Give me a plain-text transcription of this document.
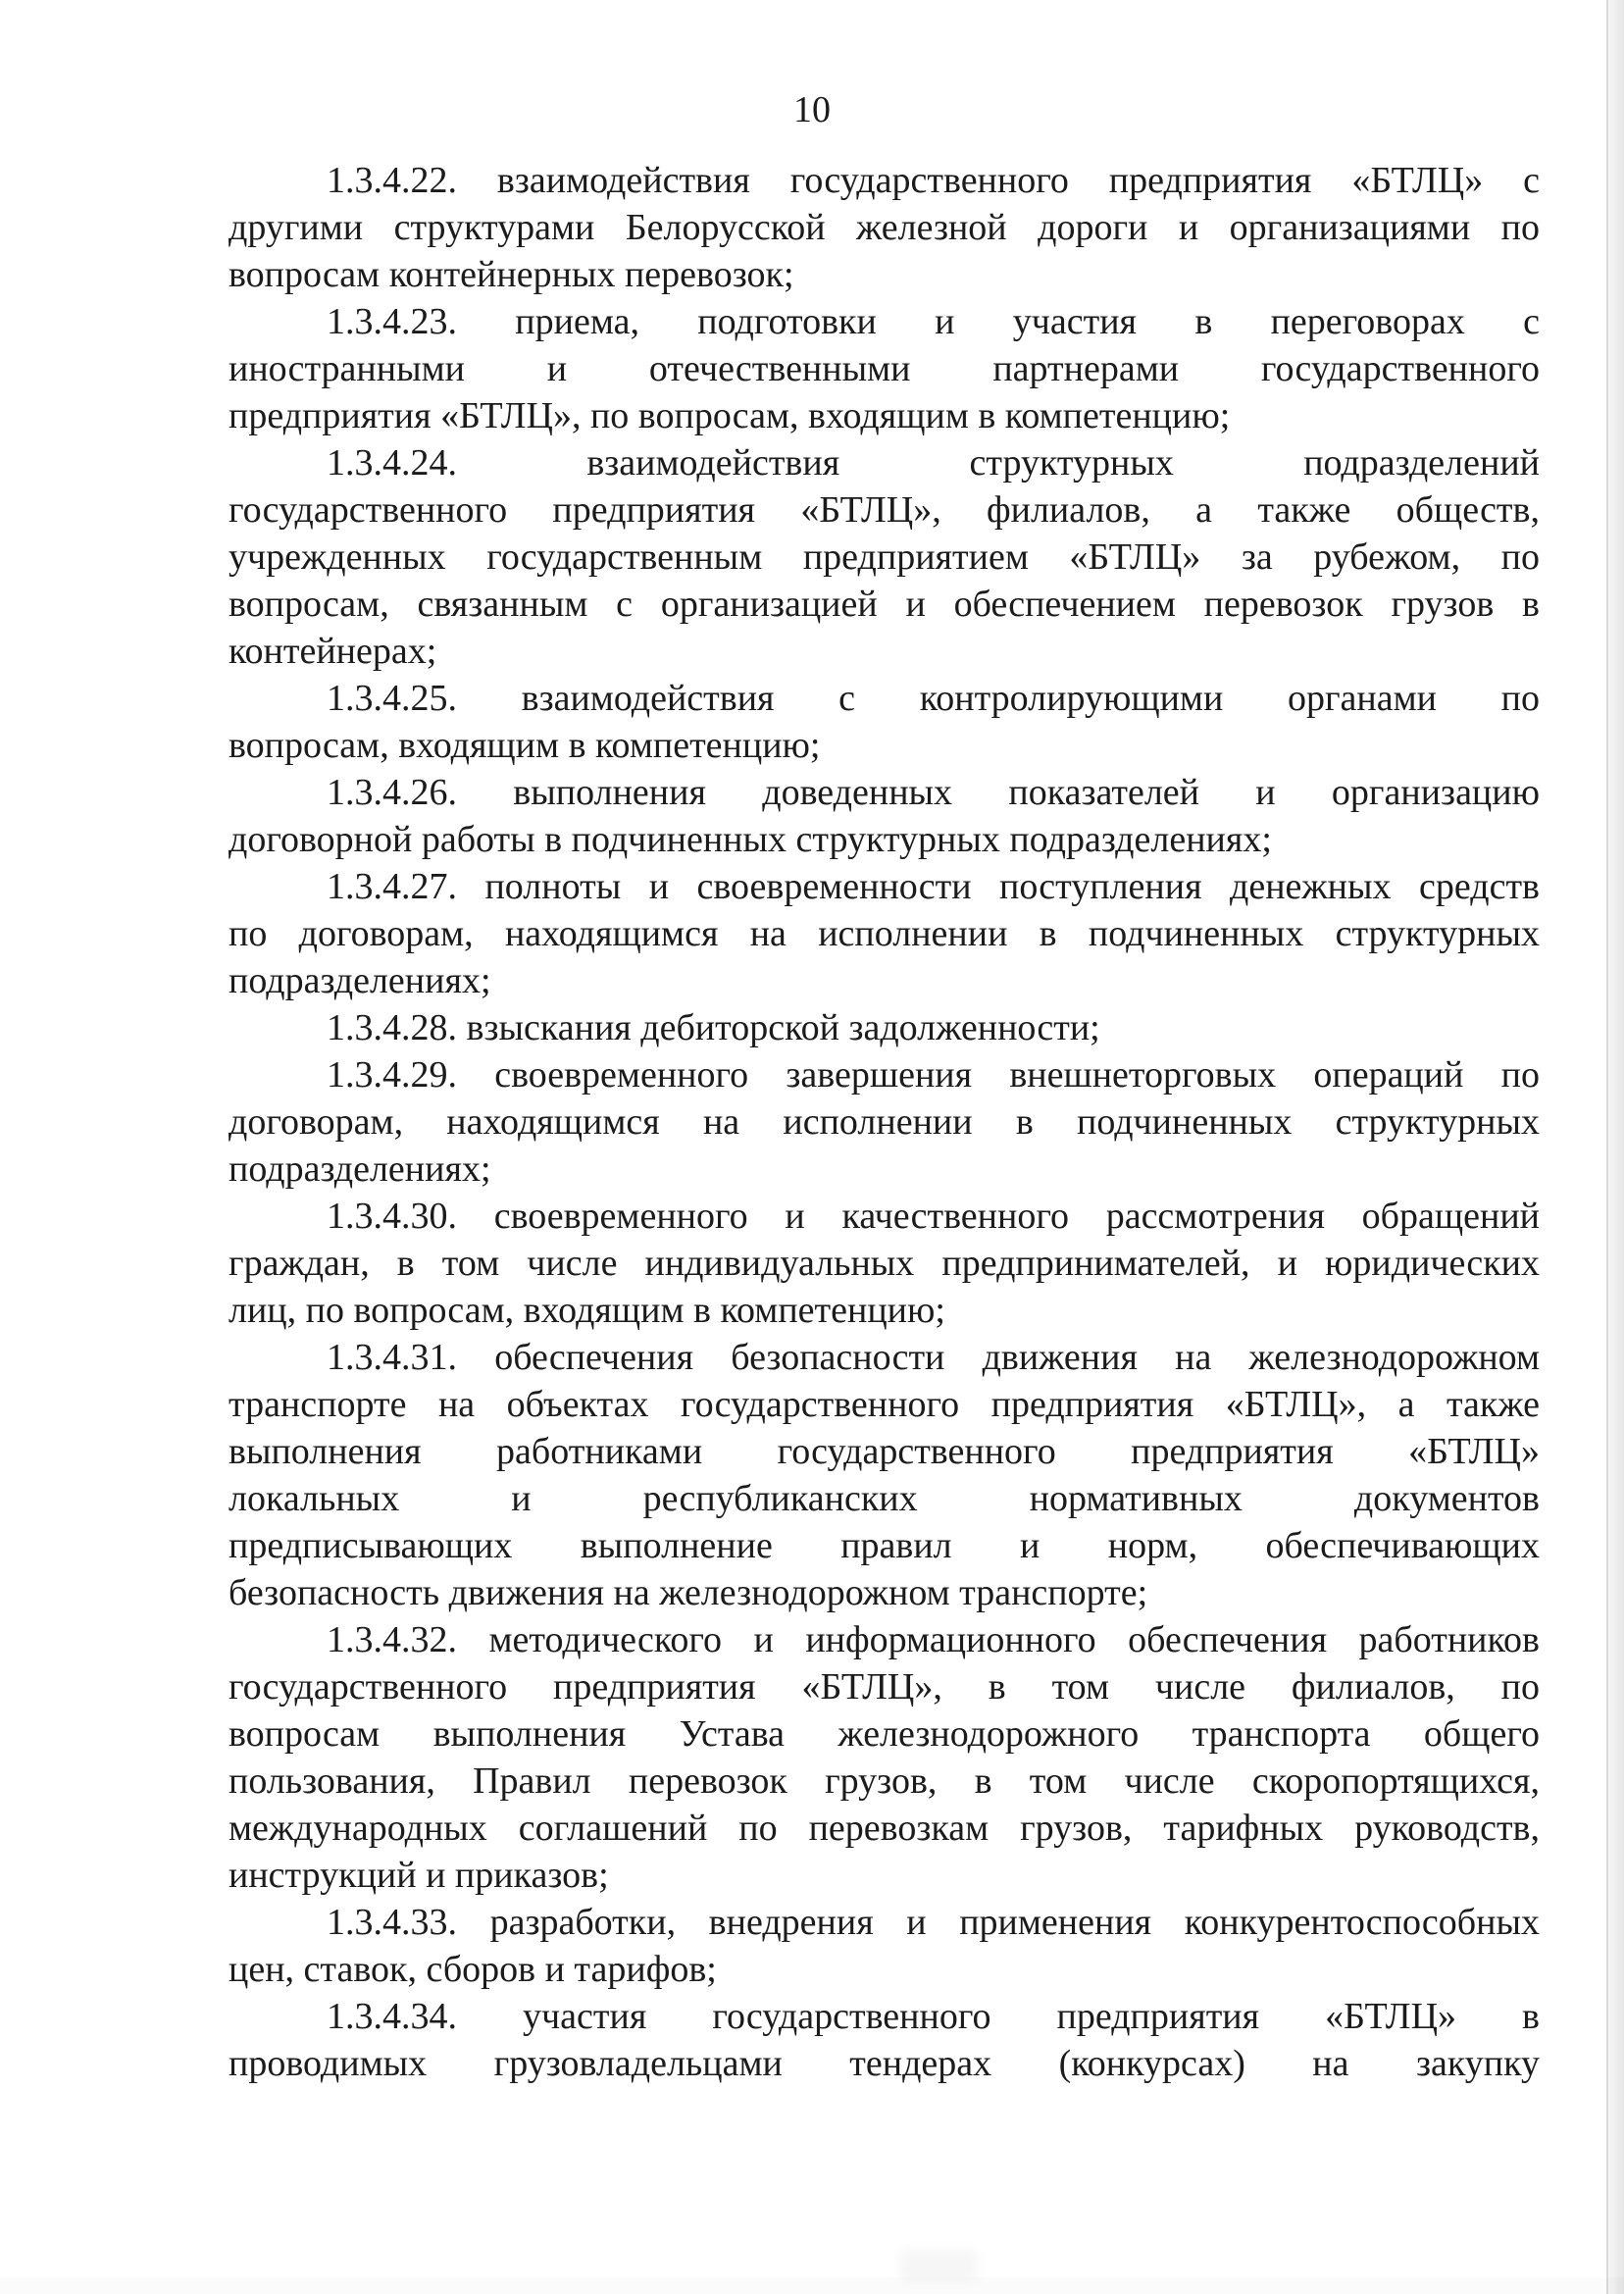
10
1.3.4.22. взаимодействия государственного предприятия «БТЛЦ» с
другими структурами Белорусской железной дороги и организациями по
вопросам контейнерных перевозок;
1.3.4.23. приема, подготовки и участия в переговорах с
иностранными и отечественными партнерами государственного
предприятия «БТЛЦ», по вопросам, входящим в компетенцию;
1.3.4.24. взаимодействия структурных подразделений
государственного предприятия «БТЛЦ», филиалов, а также обществ,
учрежденных государственным предприятием «БТЛЦ» за рубежом, по
вопросам, связанным с организацией и обеспечением перевозок грузов в
контейнерах;
1.3.4.25. взаимодействия с контролирующими органами по
вопросам, входящим в компетенцию;
1.3.4.26. выполнения доведенных показателей и организацию
договорной работы в подчиненных структурных подразделениях;
1.3.4.27. полноты и своевременности поступления денежных средств
по договорам, находящимся на исполнении в подчиненных структурных
подразделениях;
1.3.4.28. взыскания дебиторской задолженности;
1.3.4.29. своевременного завершения внешнеторговых операций по
договорам, находящимся на исполнении в подчиненных структурных
подразделениях;
1.3.4.30. своевременного и качественного рассмотрения обращений
граждан, в том числе индивидуальных предпринимателей, и юридических
лиц, по вопросам, входящим в компетенцию;
1.3.4.31. обеспечения безопасности движения на железнодорожном
транспорте на объектах государственного предприятия «БТЛЦ», а также
выполнения работниками государственного предприятия «БТЛЦ»
локальных и республиканских нормативных документов
предписывающих выполнение правил и норм, обеспечивающих
безопасность движения на железнодорожном транспорте;
1.3.4.32. методического и информационного обеспечения работников
государственного предприятия «БТЛЦ», в том числе филиалов, по
вопросам выполнения Устава железнодорожного транспорта общего
пользования, Правил перевозок грузов, в том числе скоропортящихся,
международных соглашений по перевозкам грузов, тарифных руководств,
инструкций и приказов;
1.3.4.33. разработки, внедрения и применения конкурентоспособных
цен, ставок, сборов и тарифов;
1.3.4.34. участия государственного предприятия «БТЛЦ» в
проводимых грузовладельцами тендерах (конкурсах) на закупку
